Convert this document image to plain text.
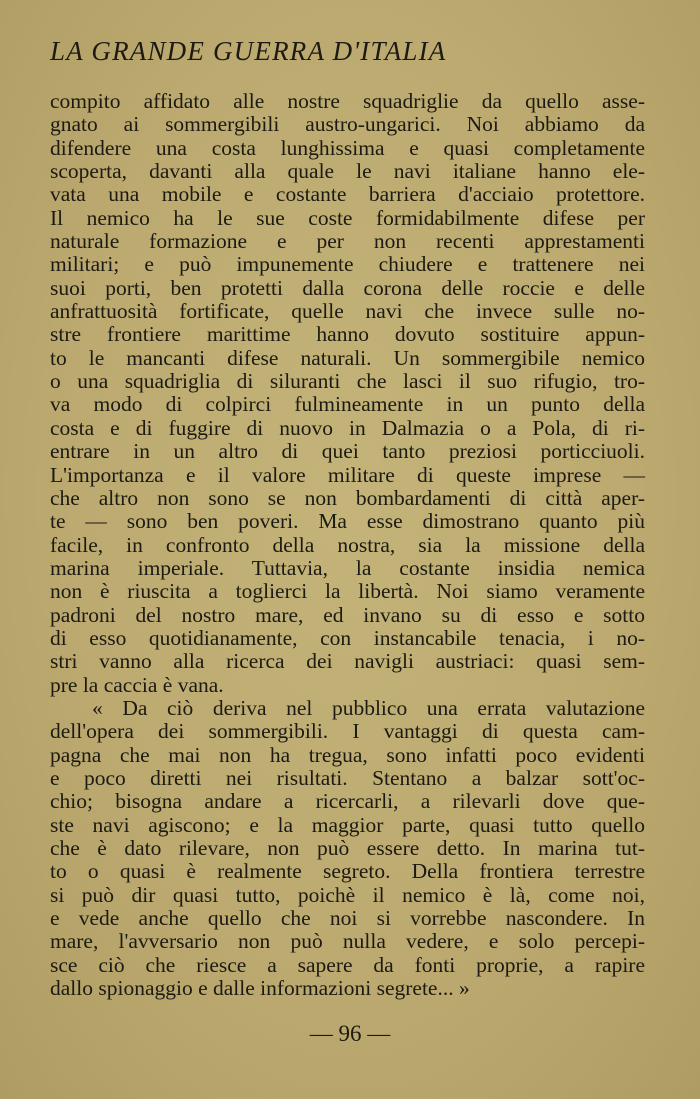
LA GRANDE GUERRA D'ITALIA
compito affidato alle nostre squadriglie da quello asse-
gnato ai sommergibili austro-ungarici. Noi abbiamo da
difendere una costa lunghissima e quasi completamente
scoperta, davanti alla quale le navi italiane hanno ele-
vata una mobile e costante barriera d'acciaio protettore.
Il nemico ha le sue coste formidabilmente difese per
naturale formazione e per non recenti apprestamenti
militari; e può impunemente chiudere e trattenere nei
suoi porti, ben protetti dalla corona delle roccie e delle
anfrattuosità fortificate, quelle navi che invece sulle no-
stre frontiere marittime hanno dovuto sostituire appun-
to le mancanti difese naturali. Un sommergibile nemico
o una squadriglia di siluranti che lasci il suo rifugio, tro-
va modo di colpirci fulmineamente in un punto della
costa e di fuggire di nuovo in Dalmazia o a Pola, di ri-
entrare in un altro di quei tanto preziosi porticciuoli.
L'importanza e il valore militare di queste imprese —
che altro non sono se non bombardamenti di città aper-
te — sono ben poveri. Ma esse dimostrano quanto più
facile, in confronto della nostra, sia la missione della
marina imperiale. Tuttavia, la costante insidia nemica
non è riuscita a toglierci la libertà. Noi siamo veramente
padroni del nostro mare, ed invano su di esso e sotto
di esso quotidianamente, con instancabile tenacia, i no-
stri vanno alla ricerca dei navigli austriaci: quasi sem-
pre la caccia è vana.
« Da ciò deriva nel pubblico una errata valutazione
dell'opera dei sommergibili. I vantaggi di questa cam-
pagna che mai non ha tregua, sono infatti poco evidenti
e poco diretti nei risultati. Stentano a balzar sott'oc-
chio; bisogna andare a ricercarli, a rilevarli dove que-
ste navi agiscono; e la maggior parte, quasi tutto quello
che è dato rilevare, non può essere detto. In marina tut-
to o quasi è realmente segreto. Della frontiera terrestre
si può dir quasi tutto, poichè il nemico è là, come noi,
e vede anche quello che noi si vorrebbe nascondere. In
mare, l'avversario non può nulla vedere, e solo percepi-
sce ciò che riesce a sapere da fonti proprie, a rapire
dallo spionaggio e dalle informazioni segrete... »
— 96 —
